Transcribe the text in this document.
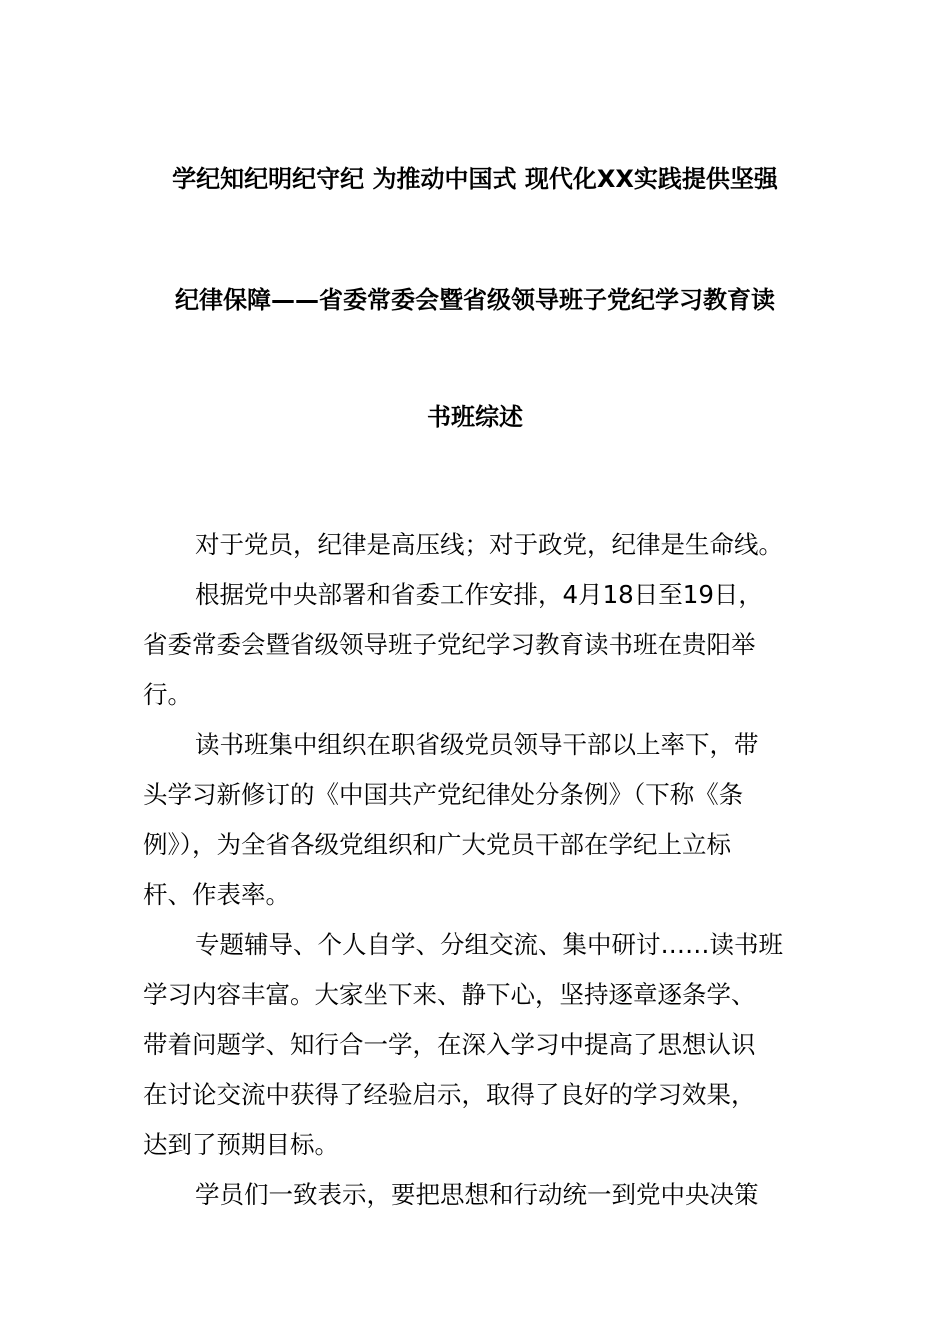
学纪知纪明纪守纪 为推动中国式 现代化XX实践提供坚强
纪律保障——省委常委会暨省级领导班子党纪学习教育读
书班综述

对于党员，纪律是高压线；对于政党，纪律是生命线。

根据党中央部署和省委工作安排，4月18日至19日，
省委常委会暨省级领导班子党纪学习教育读书班在贵阳举
行。

读书班集中组织在职省级党员领导干部以上率下，带
头学习新修订的《中国共产党纪律处分条例》（下称《条
例》），为全省各级党组织和广大党员干部在学纪上立标
杆、作表率。

专题辅导、个人自学、分组交流、集中研讨……读书班
学习内容丰富。大家坐下来、静下心，坚持逐章逐条学、
带着问题学、知行合一学，在深入学习中提高了思想认识
在讨论交流中获得了经验启示，取得了良好的学习效果，
达到了预期目标。

学员们一致表示，要把思想和行动统一到党中央决策
